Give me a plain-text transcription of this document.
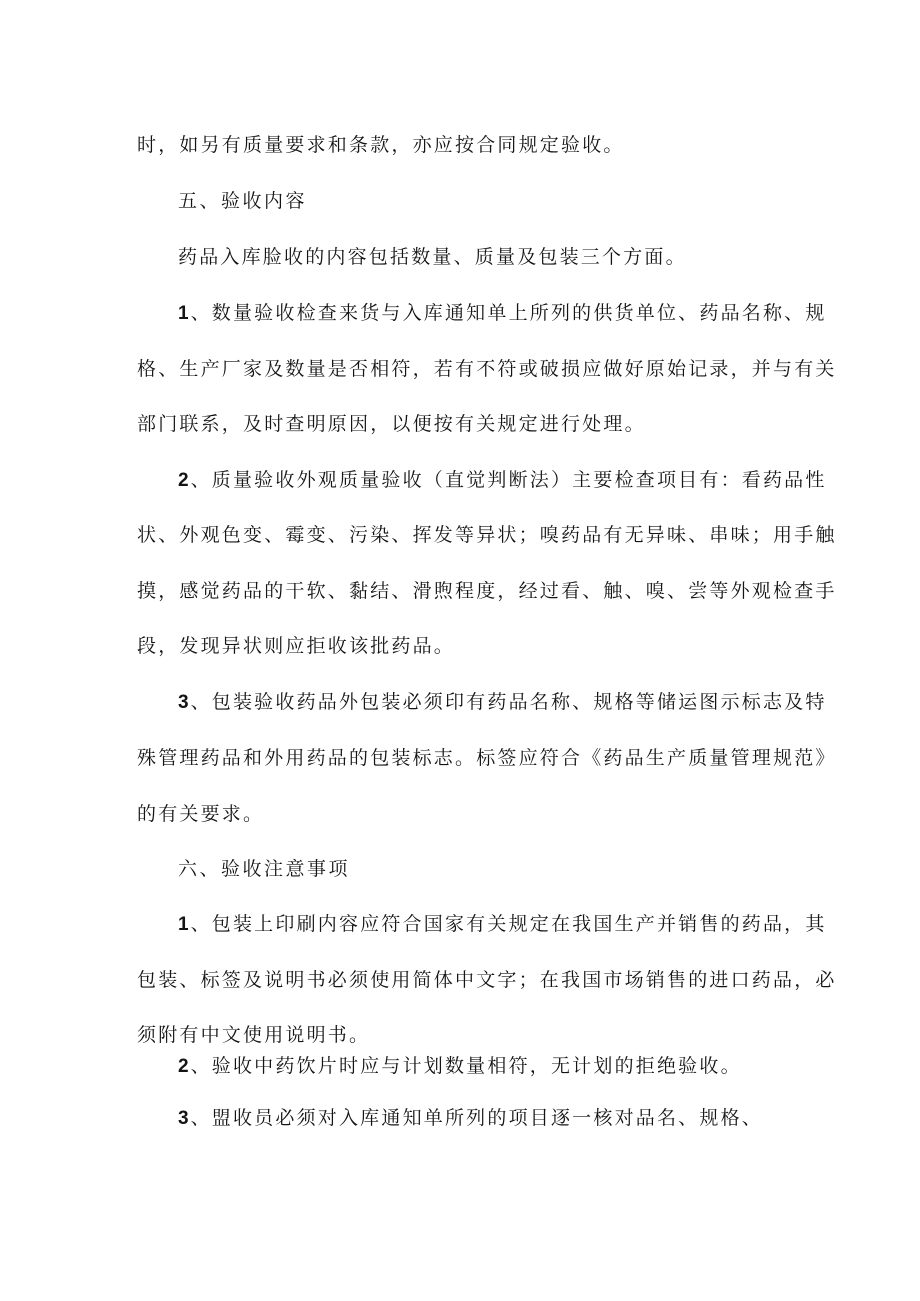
时，如另有质量要求和条款，亦应按合同规定验收。
五、验收内容
药品入库脸收的内容包括数量、质量及包装三个方面。
1 、数量验收检查来货与入库通知单上所列的供货单位、药品名称、规
格、生产厂家及数量是否相符，若有不符或破损应做好原始记录，并与有关
部门联系，及时查明原因，以便按有关规定进行处理。
2 、质量验收外观质量验收（直觉判断法）主要检查项目有：看药品性
状、外观色变、霉变、污染、挥发等异状；嗅药品有无异味、串味；用手触
摸，感觉药品的干软、黏结、滑煦程度，经过看、触、嗅、尝等外观检查手
段，发现异状则应拒收该批药品。
3 、包装验收药品外包装必须印有药品名称、规格等储运图示标志及特
殊管理药品和外用药品的包装标志。标签应符合《药品生产质量管理规范》
的有关要求。
六、验收注意事项
1 、包装上印刷内容应符合国家有关规定在我国生产并销售的药品，其
包装、标签及说明书必须使用简体中文字；在我国市场销售的进口药品，必
须附有中文使用说明书。
2 、验收中药饮片时应与计划数量相符，无计划的拒绝验收。
3 、盟收员必须对入库通知单所列的项目逐一核对品名、规格、
